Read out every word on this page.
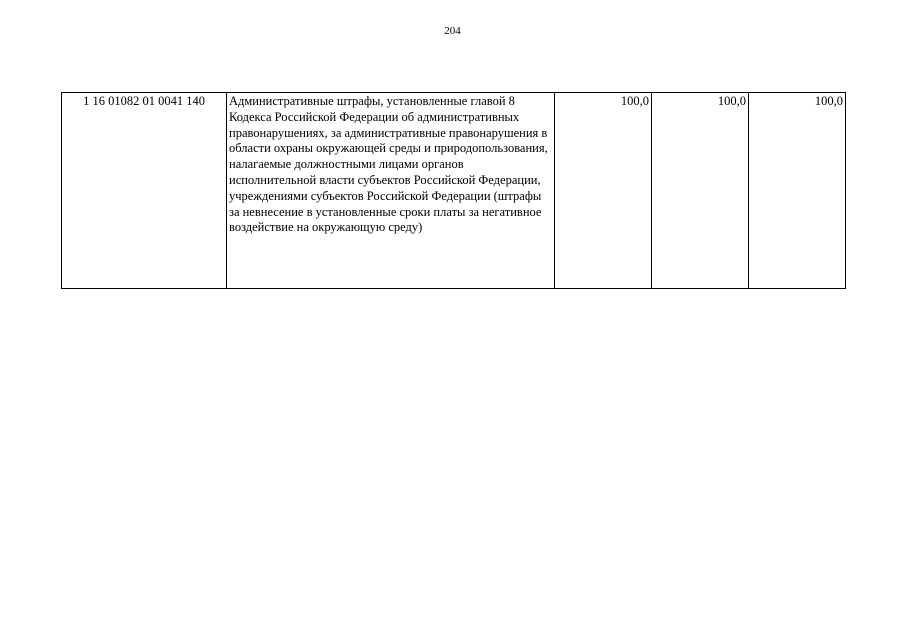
204
1 16 01082 01 0041 140	Административные штрафы, установленные главой 8 Кодекса Российской Федерации об административных правонарушениях, за административные правонарушения в области охраны окружающей среды и природопользования, налагаемые должностными лицами органов исполнительной власти субъектов Российской Федерации, учреждениями субъектов Российской Федерации (штрафы за невнесение в установленные сроки платы за негативное воздействие на окружающую среду)	100,0	100,0	100,0
